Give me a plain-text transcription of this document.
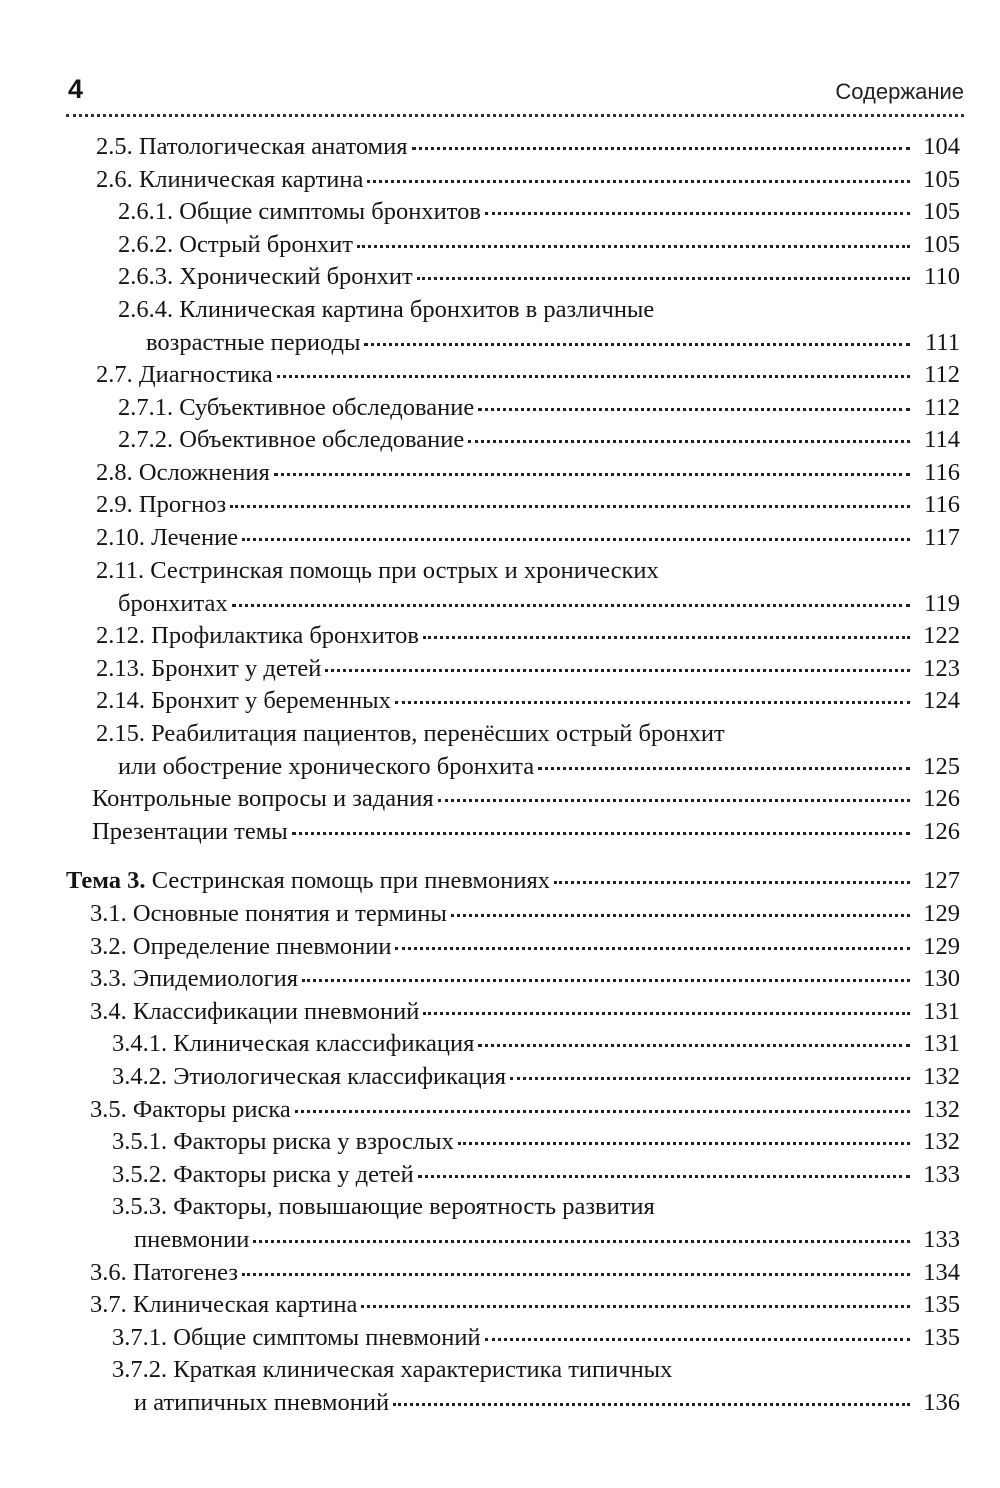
4	Содержание
2.5. Патологическая анатомия	104
2.6. Клиническая картина	105
2.6.1. Общие симптомы бронхитов	105
2.6.2. Острый бронхит	105
2.6.3. Хронический бронхит	110
2.6.4. Клиническая картина бронхитов в различные
возрастные периоды	111
2.7. Диагностика	112
2.7.1. Субъективное обследование	112
2.7.2. Объективное обследование	114
2.8. Осложнения	116
2.9. Прогноз	116
2.10. Лечение	117
2.11. Сестринская помощь при острых и хронических
бронхитах	119
2.12. Профилактика бронхитов	122
2.13. Бронхит у детей	123
2.14. Бронхит у беременных	124
2.15. Реабилитация пациентов, перенёсших острый бронхит
или обострение хронического бронхита	125
Контрольные вопросы и задания	126
Презентации темы	126
Тема 3. Сестринская помощь при пневмониях	127
3.1. Основные понятия и термины	129
3.2. Определение пневмонии	129
3.3. Эпидемиология	130
3.4. Классификации пневмоний	131
3.4.1. Клиническая классификация	131
3.4.2. Этиологическая классификация	132
3.5. Факторы риска	132
3.5.1. Факторы риска у взрослых	132
3.5.2. Факторы риска у детей	133
3.5.3. Факторы, повышающие вероятность развития
пневмонии	133
3.6. Патогенез	134
3.7. Клиническая картина	135
3.7.1. Общие симптомы пневмоний	135
3.7.2. Краткая клиническая характеристика типичных
и атипичных пневмоний	136
